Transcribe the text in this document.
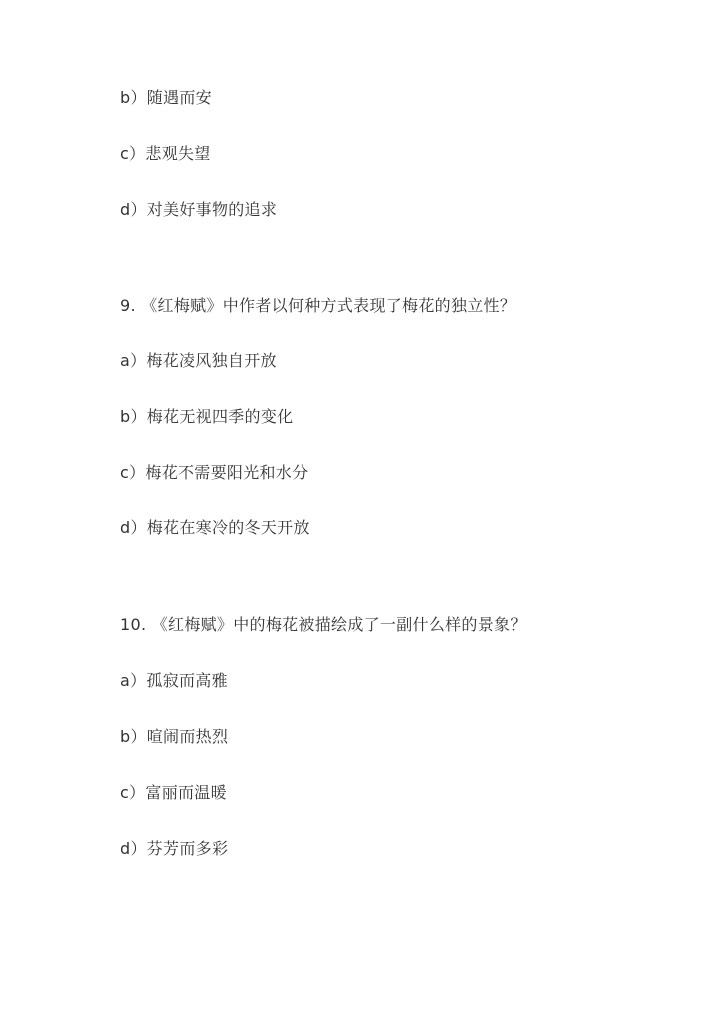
b）随遇而安
c）悲观失望
d）对美好事物的追求
9. 《红梅赋》中作者以何种方式表现了梅花的独立性？
a）梅花凌风独自开放
b）梅花无视四季的变化
c）梅花不需要阳光和水分
d）梅花在寒冷的冬天开放
10. 《红梅赋》中的梅花被描绘成了一副什么样的景象？
a）孤寂而高雅
b）喧闹而热烈
c）富丽而温暖
d）芬芳而多彩
